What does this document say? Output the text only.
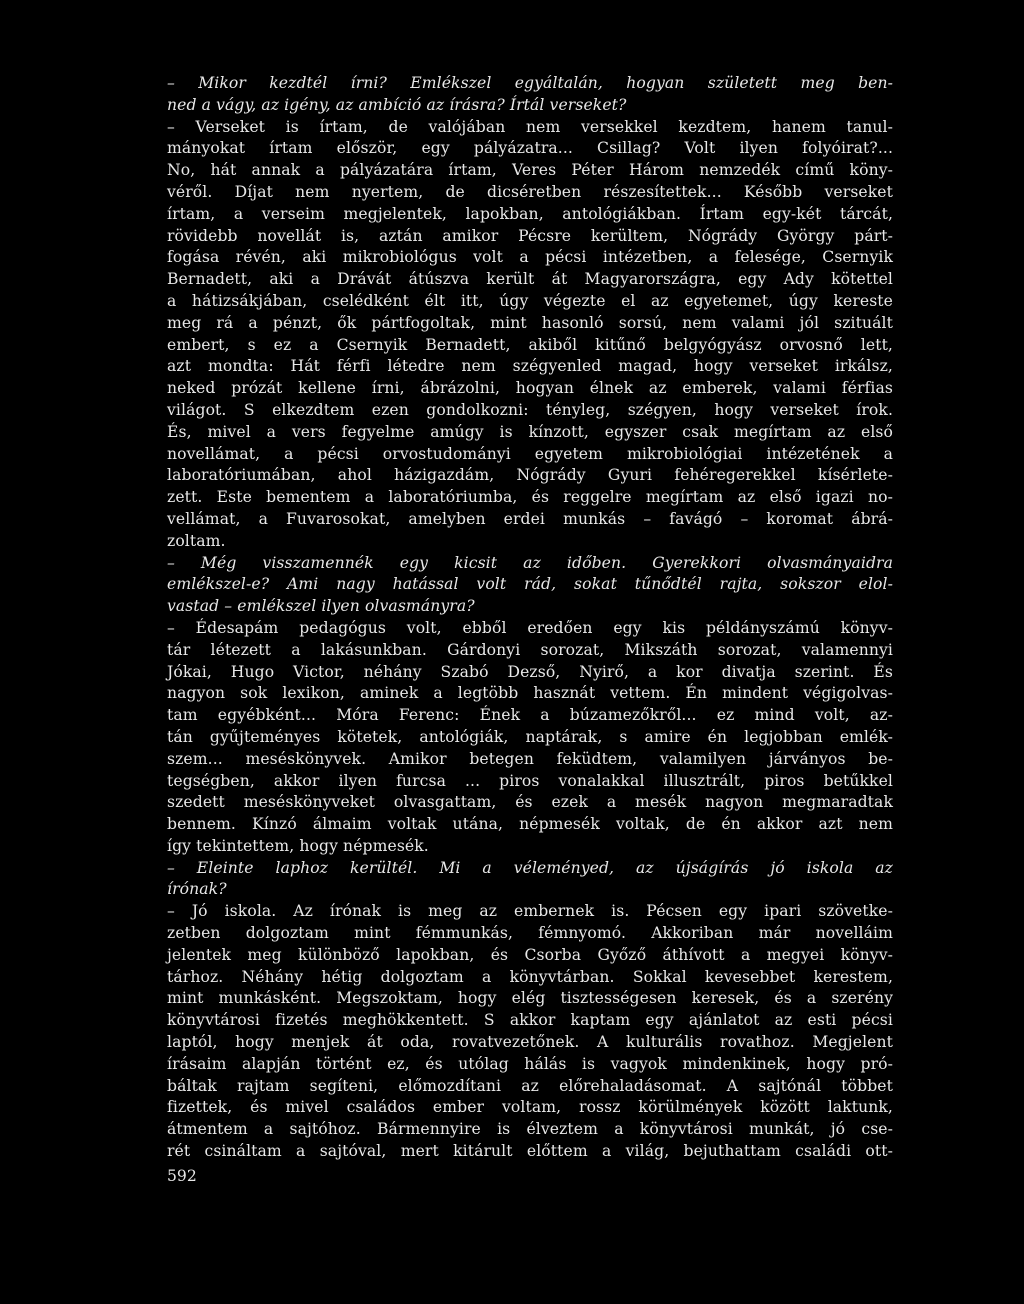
– Mikor kezdtél írni? Emlékszel egyáltalán, hogyan született meg ben-
ned a vágy, az igény, az ambíció az írásra? Írtál verseket?
– Verseket is írtam, de valójában nem versekkel kezdtem, hanem tanul-
mányokat írtam először, egy pályázatra... Csillag? Volt ilyen folyóirat?...
No, hát annak a pályázatára írtam, Veres Péter Három nemzedék című köny-
véről. Díjat nem nyertem, de dicséretben részesítettek... Később verseket
írtam, a verseim megjelentek, lapokban, antológiákban. Írtam egy-két tárcát,
rövidebb novellát is, aztán amikor Pécsre kerültem, Nógrády György párt-
fogása révén, aki mikrobiológus volt a pécsi intézetben, a felesége, Csernyik
Bernadett, aki a Drávát átúszva került át Magyarországra, egy Ady kötettel
a hátizsákjában, cselédként élt itt, úgy végezte el az egyetemet, úgy kereste
meg rá a pénzt, ők pártfogoltak, mint hasonló sorsú, nem valami jól szituált
embert, s ez a Csernyik Bernadett, akiből kitűnő belgyógyász orvosnő lett,
azt mondta: Hát férfi létedre nem szégyenled magad, hogy verseket irkálsz,
neked prózát kellene írni, ábrázolni, hogyan élnek az emberek, valami férfias
világot. S elkezdtem ezen gondolkozni: tényleg, szégyen, hogy verseket írok.
És, mivel a vers fegyelme amúgy is kínzott, egyszer csak megírtam az első
novellámat, a pécsi orvostudományi egyetem mikrobiológiai intézetének a
laboratóriumában, ahol házigazdám, Nógrády Gyuri fehéregerekkel kísérlete-
zett. Este bementem a laboratóriumba, és reggelre megírtam az első igazi no-
vellámat, a Fuvarosokat, amelyben erdei munkás – favágó – koromat ábrá-
zoltam.
– Még visszamennék egy kicsit az időben. Gyerekkori olvasmányaidra
emlékszel-e? Ami nagy hatással volt rád, sokat tűnődtél rajta, sokszor elol-
vastad – emlékszel ilyen olvasmányra?
– Édesapám pedagógus volt, ebből eredően egy kis példányszámú könyv-
tár létezett a lakásunkban. Gárdonyi sorozat, Mikszáth sorozat, valamennyi
Jókai, Hugo Victor, néhány Szabó Dezső, Nyirő, a kor divatja szerint. És
nagyon sok lexikon, aminek a legtöbb hasznát vettem. Én mindent végigolvas-
tam egyébként... Móra Ferenc: Ének a búzamezőkről... ez mind volt, az-
tán gyűjteményes kötetek, antológiák, naptárak, s amire én legjobban emlék-
szem... meséskönyvek. Amikor betegen feküdtem, valamilyen járványos be-
tegségben, akkor ilyen furcsa ... piros vonalakkal illusztrált, piros betűkkel
szedett meséskönyveket olvasgattam, és ezek a mesék nagyon megmaradtak
bennem. Kínzó álmaim voltak utána, népmesék voltak, de én akkor azt nem
így tekintettem, hogy népmesék.
– Eleinte laphoz kerültél. Mi a véleményed, az újságírás jó iskola az
írónak?
– Jó iskola. Az írónak is meg az embernek is. Pécsen egy ipari szövetke-
zetben dolgoztam mint fémmunkás, fémnyomó. Akkoriban már novelláim
jelentek meg különböző lapokban, és Csorba Győző áthívott a megyei könyv-
tárhoz. Néhány hétig dolgoztam a könyvtárban. Sokkal kevesebbet kerestem,
mint munkásként. Megszoktam, hogy elég tisztességesen keresek, és a szerény
könyvtárosi fizetés meghökkentett. S akkor kaptam egy ajánlatot az esti pécsi
laptól, hogy menjek át oda, rovatvezetőnek. A kulturális rovathoz. Megjelent
írásaim alapján történt ez, és utólag hálás is vagyok mindenkinek, hogy pró-
báltak rajtam segíteni, előmozdítani az előrehaladásomat. A sajtónál többet
fizettek, és mivel családos ember voltam, rossz körülmények között laktunk,
átmentem a sajtóhoz. Bármennyire is élveztem a könyvtárosi munkát, jó cse-
rét csináltam a sajtóval, mert kitárult előttem a világ, bejuthattam családi ott-
592
